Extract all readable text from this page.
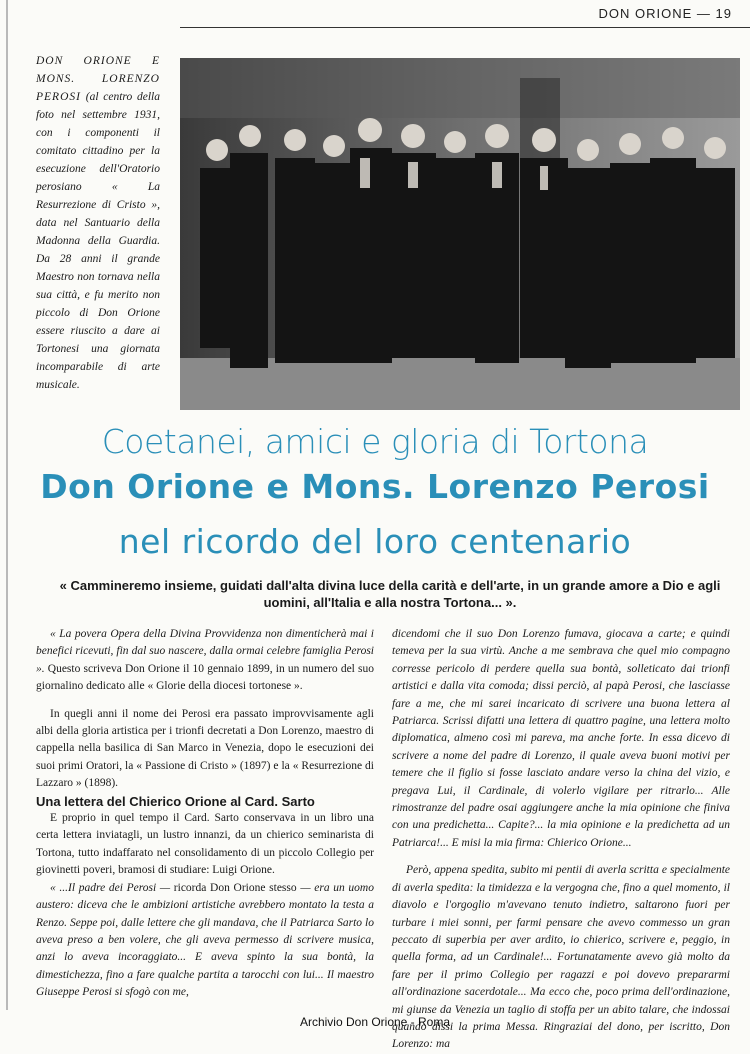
DON ORIONE — 19
DON ORIONE E MONS. LORENZO PEROSI (al centro della foto nel settembre 1931, con i componenti il comitato cittadino per la esecuzione dell'Oratorio perosiano « La Resurrezione di Cristo », data nel Santuario della Madonna della Guardia. Da 28 anni il grande Maestro non tornava nella sua città, e fu merito non piccolo di Don Orione essere riuscito a dare ai Tortonesi una giornata incomparabile di arte musicale.
Coetanei, amici e gloria di Tortona
Don Orione e Mons. Lorenzo Perosi
nel ricordo del loro centenario
« Cammineremo insieme, guidati dall'alta divina luce della carità e dell'arte, in un grande amore a Dio e agli uomini, all'Italia e alla nostra Tortona... ».

« La povera Opera della Divina Provvidenza non dimenticherà mai i benefici ricevuti, fin dal suo nascere, dalla ormai celebre famiglia Perosi ». Questo scriveva Don Orione il 10 gennaio 1899, in un numero del suo giornalino dedicato alle « Glorie della diocesi tortonese ».

In quegli anni il nome dei Perosi era passato improvvisamente agli albi della gloria artistica per i trionfi decretati a Don Lorenzo, maestro di cappella nella basilica di San Marco in Venezia, dopo le esecuzioni dei suoi primi Oratori, la « Passione di Cristo » (1897) e la « Resurrezione di Lazzaro » (1898).

Una lettera del Chierico Orione al Card. Sarto

E proprio in quel tempo il Card. Sarto conservava in un libro una certa lettera inviatagli, un lustro innanzi, da un chierico seminarista di Tortona, tutto indaffarato nel consolidamento di un piccolo Collegio per giovinetti poveri, bramosi di studiare: Luigi Orione.

« ...Il padre dei Perosi — ricorda Don Orione stesso — era un uomo austero: diceva che le ambizioni artistiche avrebbero montato la testa a Renzo. Seppe poi, dalle lettere che gli mandava, che il Patriarca Sarto lo aveva preso a ben volere, che gli aveva permesso di scrivere musica, anzi lo aveva incoraggiato... E aveva spinto la sua bontà, la dimestichezza, fino a fare qualche partita a tarocchi con lui... Il maestro Giuseppe Perosi si sfogò con me,

dicendomi che il suo Don Lorenzo fumava, giocava a carte; e quindi temeva per la sua virtù. Anche a me sembrava che quel mio compagno corresse pericolo di perdere quella sua bontà, solleticato dai trionfi artistici e dalla vita comoda; dissi perciò, al papà Perosi, che lasciasse fare a me, che mi sarei incaricato di scrivere una buona lettera al Patriarca. Scrissi difatti una lettera di quattro pagine, una lettera molto diplomatica, almeno così mi pareva, ma anche forte. In essa dicevo di scrivere a nome del padre di Lorenzo, il quale aveva buoni motivi per temere che il figlio si fosse lasciato andare verso la china del vizio, e pregava Lui, il Cardinale, di volerlo vigilare per ritrarlo... Alle rimostranze del padre osai aggiungere anche la mia opinione che finiva con una predichetta... Capite?... la mia opinione e la predichetta ad un Patriarca!... E misi la mia firma: Chierico Orione...

Però, appena spedita, subito mi pentii di averla scritta e specialmente di averla spedita: la timidezza e la vergogna che, fino a quel momento, il diavolo e l'orgoglio m'avevano tenuto indietro, saltarono fuori per turbare i miei sonni, per farmi pensare che avevo commesso un gran peccato di superbia per aver ardito, io chierico, scrivere e, peggio, in quella forma, ad un Cardinale!... Fortunatamente avevo già molto da fare per il primo Collegio per ragazzi e poi dovevo prepararmi all'ordinazione sacerdotale... Ma ecco che, poco prima dell'ordinazione, mi giunse da Venezia un taglio di stoffa per un abito talare, che indossai quando dissi la prima Messa. Ringraziai del dono, per iscritto, Don Lorenzo: ma

Archivio Don Orione - Roma
